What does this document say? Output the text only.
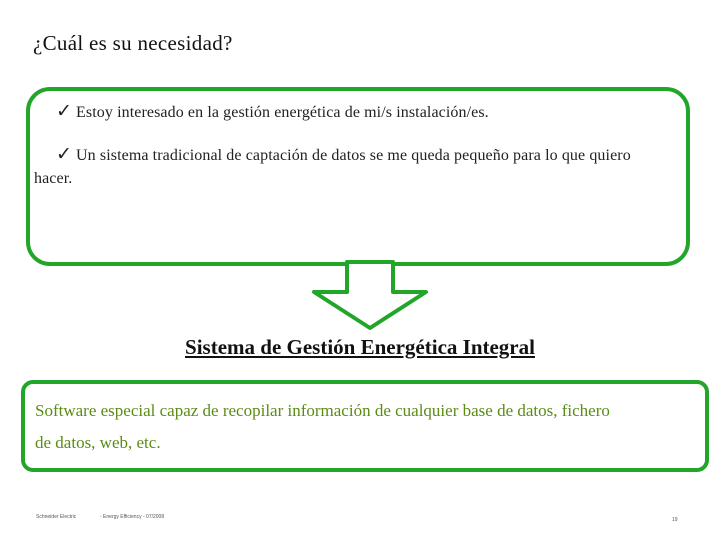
¿Cuál es su necesidad?
✓ Estoy interesado en la gestión energética de mi/s instalación/es.
✓ Un sistema tradicional de captación de datos se me queda pequeño para lo que quiero
hacer.
Sistema de Gestión Energética Integral
Software especial capaz de recopilar información de cualquier base de datos, fichero
de datos, web, etc.
Schneider Electric	- Energy Efficiency - 07/2008	19
